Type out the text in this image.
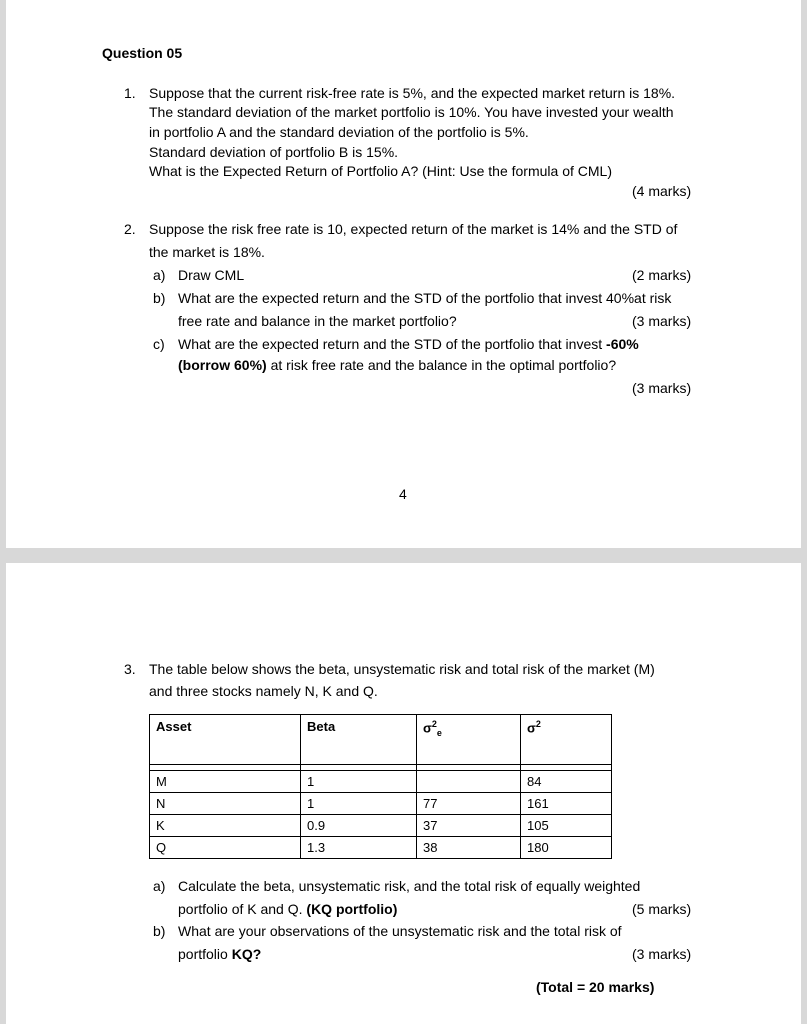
Question 05
1. Suppose that the current risk-free rate is 5%, and the expected market return is 18%.
The standard deviation of the market portfolio is 10%. You have invested your wealth
in portfolio A and the standard deviation of the portfolio is 5%.
Standard deviation of portfolio B is 15%.
What is the Expected Return of Portfolio A? (Hint: Use the formula of CML)
(4 marks)
2. Suppose the risk free rate is 10, expected return of the market is 14% and the STD of
the market is 18%.
a) Draw CML	(2 marks)
b) What are the expected return and the STD of the portfolio that invest 40%at risk
free rate and balance in the market portfolio?	(3 marks)
c) What are the expected return and the STD of the portfolio that invest -60%
(borrow 60%) at risk free rate and the balance in the optimal portfolio?
(3 marks)
4
3. The table below shows the beta, unsystematic risk and total risk of the market (M)
and three stocks namely N, K and Q.
Asset	Beta	$\sigma^2_e$	$\sigma^2$

M	1		84
N	1	77	161
K	0.9	37	105
Q	1.3	38	180
a) Calculate the beta, unsystematic risk, and the total risk of equally weighted
portfolio of K and Q. (KQ portfolio)	(5 marks)
b) What are your observations of the unsystematic risk and the total risk of
portfolio KQ?	(3 marks)
(Total = 20 marks)
